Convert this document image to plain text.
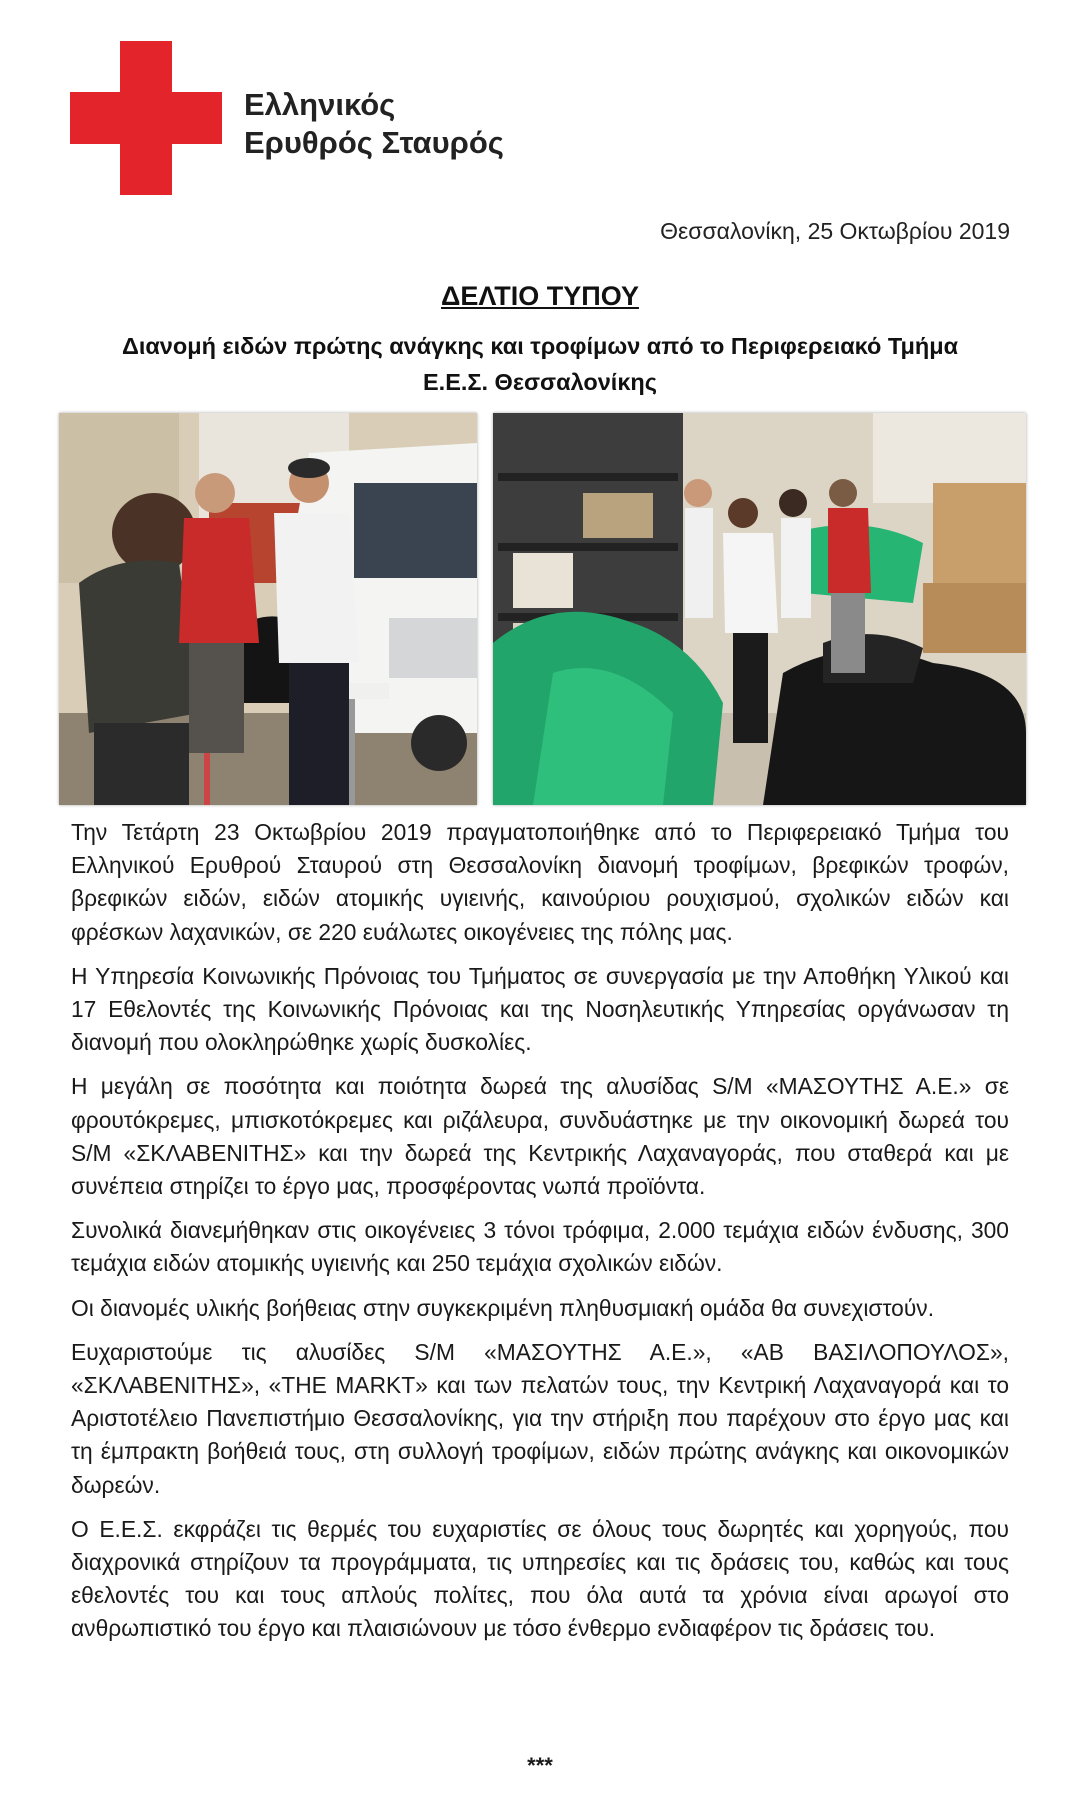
Ελληνικός
Ερυθρός Σταυρός
Θεσσαλονίκη, 25 Οκτωβρίου 2019
ΔΕΛΤΙΟ ΤΥΠΟΥ
Διανομή ειδών πρώτης ανάγκης και τροφίμων από το Περιφερειακό Τμήμα
Ε.Ε.Σ. Θεσσαλονίκης

Την Τετάρτη 23 Οκτωβρίου 2019 πραγματοποιήθηκε από το Περιφερειακό Τμήμα του Ελληνικού Ερυθρού Σταυρού στη Θεσσαλονίκη διανομή τροφίμων, βρεφικών τροφών, βρεφικών ειδών, ειδών ατομικής υγιεινής, καινούριου ρουχισμού, σχολικών ειδών και φρέσκων λαχανικών, σε 220 ευάλωτες οικογένειες της πόλης μας.

Η Υπηρεσία Κοινωνικής Πρόνοιας του Τμήματος σε συνεργασία με την Αποθήκη Υλικού και 17 Εθελοντές της Κοινωνικής Πρόνοιας και της Νοσηλευτικής Υπηρεσίας οργάνωσαν τη διανομή που ολοκληρώθηκε χωρίς δυσκολίες.

Η μεγάλη σε ποσότητα και ποιότητα δωρεά της αλυσίδας S/M «ΜΑΣΟΥΤΗΣ Α.Ε.» σε φρουτόκρεμες, μπισκοτόκρεμες και ριζάλευρα, συνδυάστηκε με την οικονομική δωρεά του S/M «ΣΚΛΑΒΕΝΙΤΗΣ» και την δωρεά της Κεντρικής Λαχαναγοράς, που σταθερά και με συνέπεια στηρίζει το έργο μας, προσφέροντας νωπά προϊόντα.

Συνολικά διανεμήθηκαν στις οικογένειες 3 τόνοι τρόφιμα, 2.000 τεμάχια ειδών ένδυσης, 300 τεμάχια ειδών ατομικής υγιεινής και 250 τεμάχια σχολικών ειδών.

Οι διανομές υλικής βοήθειας στην συγκεκριμένη πληθυσμιακή ομάδα θα συνεχιστούν.

Ευχαριστούμε τις αλυσίδες S/M «ΜΑΣΟΥΤΗΣ Α.Ε.», «ΑΒ ΒΑΣΙΛΟΠΟΥΛΟΣ», «ΣΚΛΑΒΕΝΙΤΗΣ», «THE MARKT» και των πελατών τους, την Κεντρική Λαχαναγορά και το Αριστοτέλειο Πανεπιστήμιο Θεσσαλονίκης, για την στήριξη που παρέχουν στο έργο μας και τη έμπρακτη βοήθειά τους, στη συλλογή τροφίμων, ειδών πρώτης ανάγκης και οικονομικών δωρεών.

Ο Ε.Ε.Σ. εκφράζει τις θερμές του ευχαριστίες σε όλους τους δωρητές και χορηγούς, που διαχρονικά στηρίζουν τα προγράμματα, τις υπηρεσίες και τις δράσεις του, καθώς και τους εθελοντές του και τους απλούς πολίτες, που όλα αυτά τα χρόνια είναι αρωγοί στο ανθρωπιστικό του έργο και πλαισιώνουν με τόσο ένθερμο ενδιαφέρον τις δράσεις του.

***
